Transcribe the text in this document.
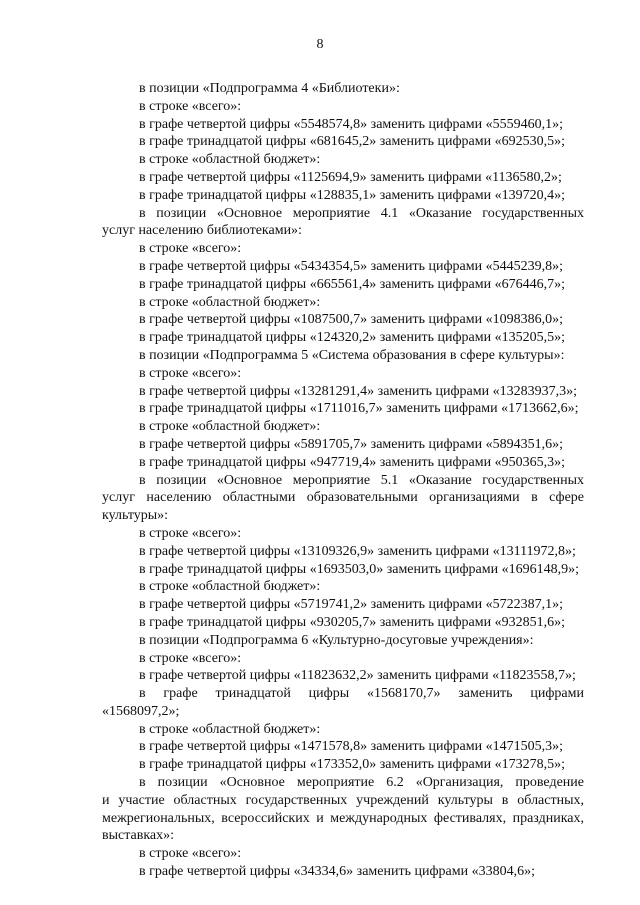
8
в позиции «Подпрограмма 4 «Библиотеки»:
в строке «всего»:
в графе четвертой цифры «5548574,8» заменить цифрами «5559460,1»;
в графе тринадцатой цифры «681645,2» заменить цифрами «692530,5»;
в строке «областной бюджет»:
в графе четвертой цифры «1125694,9» заменить цифрами «1136580,2»;
в графе тринадцатой цифры «128835,1» заменить цифрами «139720,4»;
в позиции «Основное мероприятие 4.1 «Оказание государственных
услуг населению библиотеками»:
в строке «всего»:
в графе четвертой цифры «5434354,5» заменить цифрами «5445239,8»;
в графе тринадцатой цифры «665561,4» заменить цифрами «676446,7»;
в строке «областной бюджет»:
в графе четвертой цифры «1087500,7» заменить цифрами «1098386,0»;
в графе тринадцатой цифры «124320,2» заменить цифрами «135205,5»;
в позиции «Подпрограмма 5 «Система образования в сфере культуры»:
в строке «всего»:
в графе четвертой цифры «13281291,4» заменить цифрами «13283937,3»;
в графе тринадцатой цифры «1711016,7» заменить цифрами «1713662,6»;
в строке «областной бюджет»:
в графе четвертой цифры «5891705,7» заменить цифрами «5894351,6»;
в графе тринадцатой цифры «947719,4» заменить цифрами «950365,3»;
в позиции «Основное мероприятие 5.1 «Оказание государственных
услуг населению областными образовательными организациями в сфере
культуры»:
в строке «всего»:
в графе четвертой цифры «13109326,9» заменить цифрами «13111972,8»;
в графе тринадцатой цифры «1693503,0» заменить цифрами «1696148,9»;
в строке «областной бюджет»:
в графе четвертой цифры «5719741,2» заменить цифрами «5722387,1»;
в графе тринадцатой цифры «930205,7» заменить цифрами «932851,6»;
в позиции «Подпрограмма 6 «Культурно-досуговые учреждения»:
в строке «всего»:
в графе четвертой цифры «11823632,2» заменить цифрами «11823558,7»;
в графе тринадцатой цифры «1568170,7» заменить цифрами
«1568097,2»;
в строке «областной бюджет»:
в графе четвертой цифры «1471578,8» заменить цифрами «1471505,3»;
в графе тринадцатой цифры «173352,0» заменить цифрами «173278,5»;
в позиции «Основное мероприятие 6.2 «Организация, проведение
и участие областных государственных учреждений культуры в областных,
межрегиональных, всероссийских и международных фестивалях, праздниках,
выставках»:
в строке «всего»:
в графе четвертой цифры «34334,6» заменить цифрами «33804,6»;
